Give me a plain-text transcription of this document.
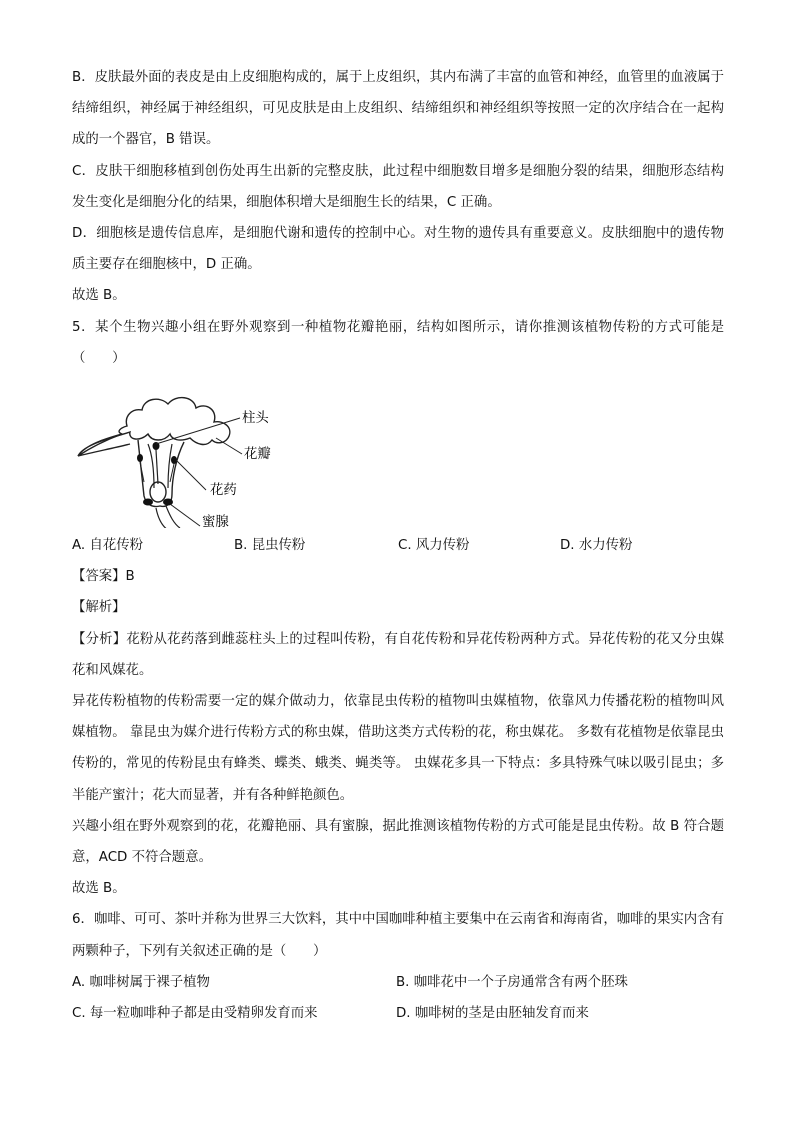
B．皮肤最外面的表皮是由上皮细胞构成的，属于上皮组织，其内布满了丰富的血管和神经，血管里的血液属于结缔组织，神经属于神经组织，可见皮肤是由上皮组织、结缔组织和神经组织等按照一定的次序结合在一起构成的一个器官，B 错误。

C．皮肤干细胞移植到创伤处再生出新的完整皮肤，此过程中细胞数目增多是细胞分裂的结果，细胞形态结构发生变化是细胞分化的结果，细胞体积增大是细胞生长的结果，C 正确。

D．细胞核是遗传信息库，是细胞代谢和遗传的控制中心。对生物的遗传具有重要意义。皮肤细胞中的遗传物质主要存在细胞核中，D 正确。

故选 B。

5．某个生物兴趣小组在野外观察到一种植物花瓣艳丽，结构如图所示，请你推测该植物传粉的方式可能是（　　）

柱头
花瓣
花药
蜜腺
A. 自花传粉	B. 昆虫传粉	C. 风力传粉	D. 水力传粉

【答案】B

【解析】

【分析】花粉从花药落到雌蕊柱头上的过程叫传粉，有自花传粉和异花传粉两种方式。异花传粉的花又分虫媒花和风媒花。

异花传粉植物的传粉需要一定的媒介做动力，依靠昆虫传粉的植物叫虫媒植物，依靠风力传播花粉的植物叫风媒植物。 靠昆虫为媒介进行传粉方式的称虫媒，借助这类方式传粉的花，称虫媒花。 多数有花植物是依靠昆虫传粉的，常见的传粉昆虫有蜂类、蝶类、蛾类、蝇类等。 虫媒花多具一下特点：多具特殊气味以吸引昆虫；多半能产蜜汁；花大而显著，并有各种鲜艳颜色。

兴趣小组在野外观察到的花，花瓣艳丽、具有蜜腺，据此推测该植物传粉的方式可能是昆虫传粉。故 B 符合题意，ACD 不符合题意。

故选 B。

6．咖啡、可可、茶叶并称为世界三大饮料，其中中国咖啡种植主要集中在云南省和海南省，咖啡的果实内含有两颗种子，下列有关叙述正确的是（　　）

A. 咖啡树属于裸子植物	B. 咖啡花中一个子房通常含有两个胚珠
C. 每一粒咖啡种子都是由受精卵发育而来	D. 咖啡树的茎是由胚轴发育而来
